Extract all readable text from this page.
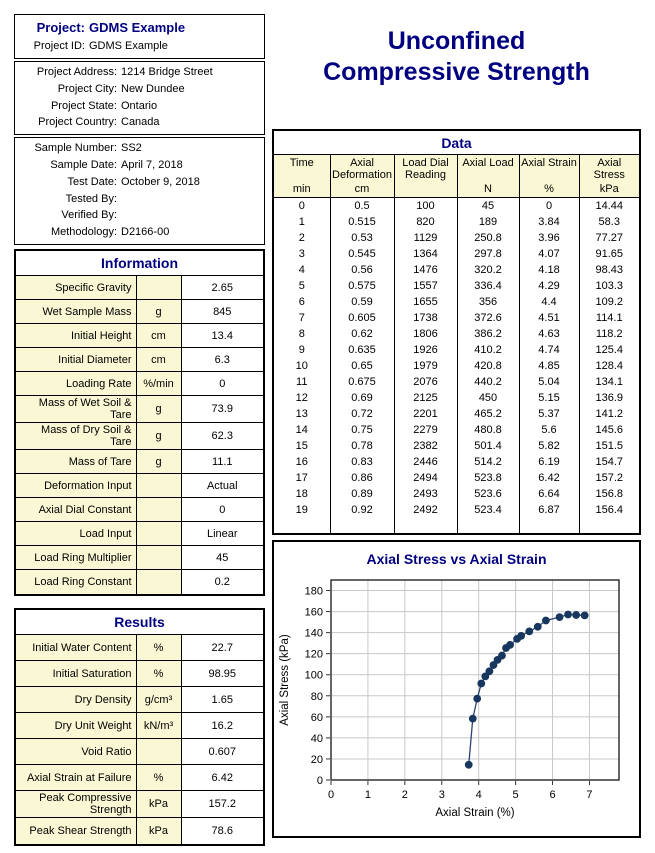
Project: GDMS Example
Project ID: GDMS Example
Project Address: 1214 Bridge Street
Project City: New Dundee
Project State: Ontario
Project Country: Canada
Sample Number: SS2
Sample Date: April 7, 2018
Test Date: October 9, 2018
Tested By:
Verified By:
Methodology: D2166-00
Information
Specific Gravity		2.65
Wet Sample Mass	g	845
Initial Height	cm	13.4
Initial Diameter	cm	6.3
Loading Rate	%/min	0
Mass of Wet Soil & Tare	g	73.9
Mass of Dry Soil & Tare	g	62.3
Mass of Tare	g	11.1
Deformation Input		Actual
Axial Dial Constant		0
Load Input		Linear
Load Ring Multiplier		45
Load Ring Constant		0.2
Results
Initial Water Content	%	22.7
Initial Saturation	%	98.95
Dry Density	g/cm³	1.65
Dry Unit Weight	kN/m³	16.2
Void Ratio		0.607
Axial Strain at Failure	%	6.42
Peak Compressive Strength	kPa	157.2
Peak Shear Strength	kPa	78.6
Unconfined
Compressive Strength
Data
Time
min

Axial Deformation
cm

Load Dial Reading

Axial Load
N

Axial Strain
%

Axial Stress
kPa

0	0.5	100	45	0	14.44
1	0.515	820	189	3.84	58.3
2	0.53	1129	250.8	3.96	77.27
3	0.545	1364	297.8	4.07	91.65
4	0.56	1476	320.2	4.18	98.43
5	0.575	1557	336.4	4.29	103.3
6	0.59	1655	356	4.4	109.2
7	0.605	1738	372.6	4.51	114.1
8	0.62	1806	386.2	4.63	118.2
9	0.635	1926	410.2	4.74	125.4
10	0.65	1979	420.8	4.85	128.4
11	0.675	2076	440.2	5.04	134.1
12	0.69	2125	450	5.15	136.9
13	0.72	2201	465.2	5.37	141.2
14	0.75	2279	480.8	5.6	145.6
15	0.78	2382	501.4	5.82	151.5
16	0.83	2446	514.2	6.19	154.7
17	0.86	2494	523.8	6.42	157.2
18	0.89	2493	523.6	6.64	156.8
19	0.92	2492	523.4	6.87	156.4

Axial Stress vs Axial Strain
0	1	2	3	4	5	6	7
0
20
40
60
80
100
120
140
160
180
Axial Strain (%)
Axial Stress (kPa)
